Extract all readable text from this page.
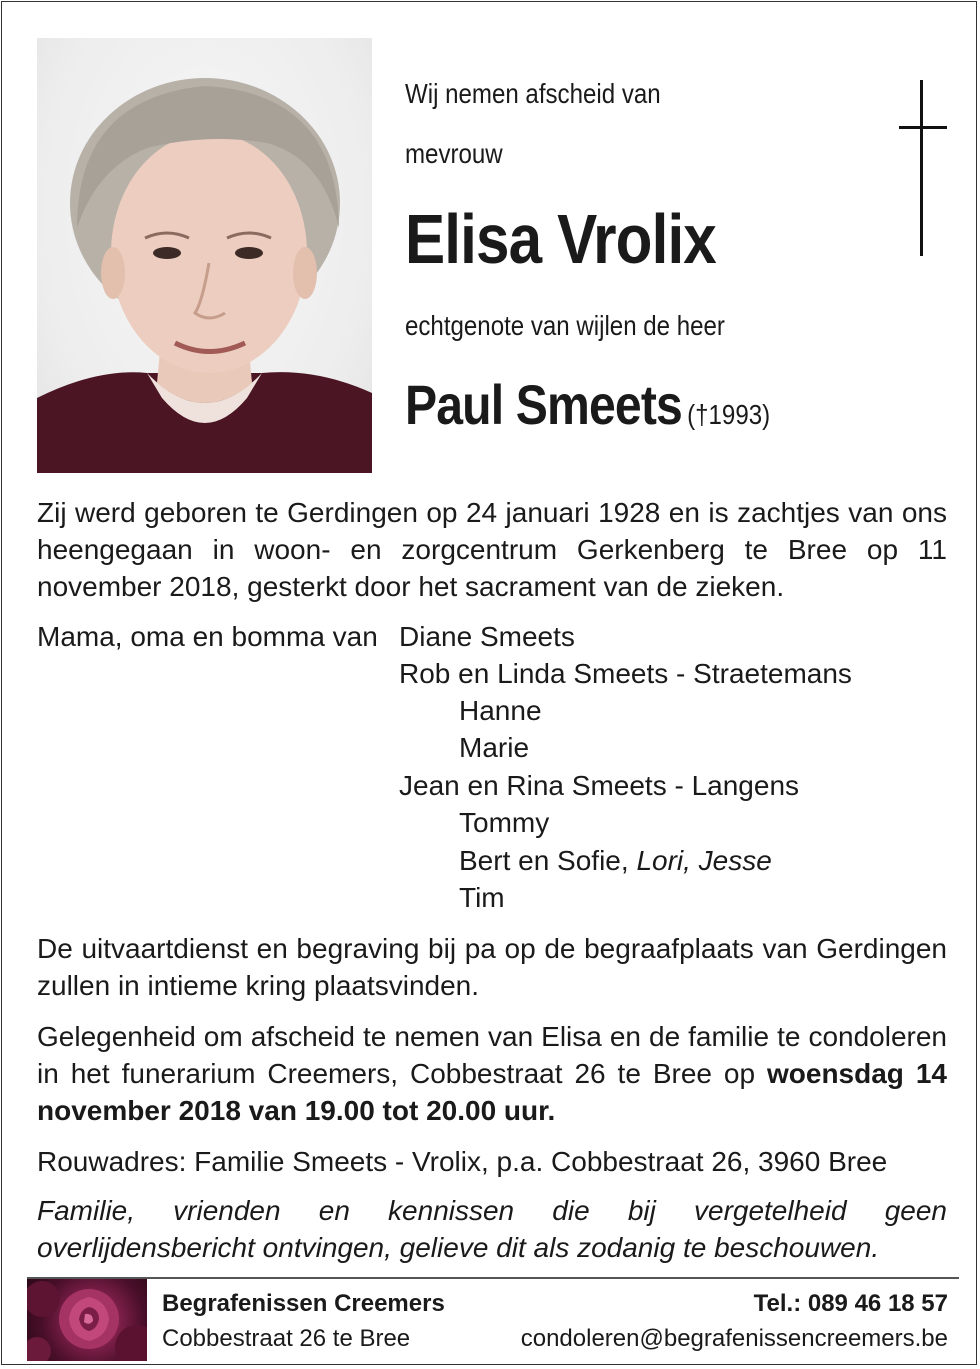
Wij nemen afscheid van
mevrouw
Elisa Vrolix
echtgenote van wijlen de heer
Paul Smeets (†1993)
Zij werd geboren te Gerdingen op 24 januari 1928 en is zachtjes van ons heengegaan in woon- en zorgcentrum Gerkenberg te Bree op 11 november 2018, gesterkt door het sacrament van de zieken.
Mama, oma en bomma van Diane Smeets
Rob en Linda Smeets - Straetemans
Hanne
Marie
Jean en Rina Smeets - Langens
Tommy
Bert en Sofie, Lori, Jesse
Tim
De uitvaartdienst en begraving bij pa op de begraafplaats van Gerdingen zullen in intieme kring plaatsvinden.
Gelegenheid om afscheid te nemen van Elisa en de familie te condoleren in het funerarium Creemers, Cobbestraat 26 te Bree op woensdag 14 november 2018 van 19.00 tot 20.00 uur.
Rouwadres: Familie Smeets - Vrolix, p.a. Cobbestraat 26, 3960 Bree
Familie, vrienden en kennissen die bij vergetelheid geen overlijdensbericht ontvingen, gelieve dit als zodanig te beschouwen.
Begrafenissen Creemers
Cobbestraat 26 te Bree
Tel.: 089 46 18 57
condoleren@begrafenissencreemers.be
